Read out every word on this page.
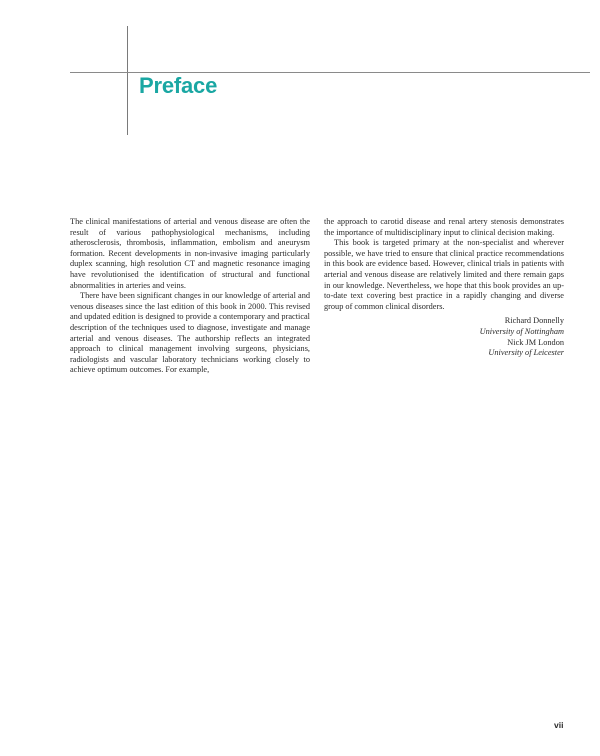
Preface

The clinical manifestations of arterial and venous disease are often the result of various pathophysiological mechanisms, including atherosclerosis, thrombosis, inflammation, embolism and aneurysm formation. Recent developments in non-invasive imaging particularly duplex scanning, high resolution CT and magnetic resonance imaging have revolutionised the identification of structural and functional abnormalities in arteries and veins.

There have been significant changes in our knowledge of arterial and venous diseases since the last edition of this book in 2000. This revised and updated edition is designed to provide a contemporary and practical description of the techniques used to diagnose, investigate and manage arterial and venous diseases. The authorship reflects an integrated approach to clinical management involving surgeons, physicians, radiologists and vascular laboratory technicians working closely to achieve optimum outcomes. For example,

the approach to carotid disease and renal artery stenosis demonstrates the importance of multidisciplinary input to clinical decision making.

This book is targeted primary at the non-specialist and wherever possible, we have tried to ensure that clinical practice recommendations in this book are evidence based. However, clinical trials in patients with arterial and venous disease are relatively limited and there remain gaps in our knowledge. Nevertheless, we hope that this book provides an up-to-date text covering best practice in a rapidly changing and diverse group of common clinical disorders.

Richard Donnelly
University of Nottingham
Nick JM London
University of Leicester
vii
